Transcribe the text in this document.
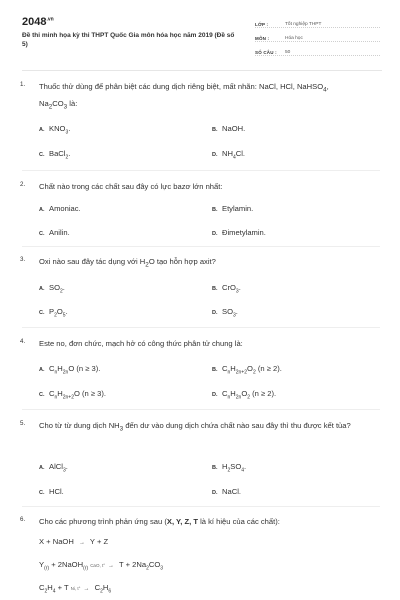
$2048^{.vn}$
Đề thi minh họa kỳ thi THPT Quốc Gia môn hóa học năm 2019 (Đề số 5)
LỚP :	Tốt nghiệp THPT
MÔN :	Hóa học
SỐ CÂU :	50
1. Thuốc thử dùng để phân biệt các dung dịch riêng biệt, mất nhãn: NaCl, HCl, NaHSO$_4$, $Na_2CO_3$ là:
A. $KNO_3$.	B. NaOH.
C. BaCl$_2$.	D. $NH_4Cl$.
2. Chất nào trong các chất sau đây có lực bazơ lớn nhất:
A. Amoniac.	B. Etylamin.
C. Anilin.	D. Đimetylamin.
3. Oxi nào sau đây tác dụng với $H_2O$ tạo hỗn hợp axit?
A. $SO_2$.	B. CrO$_3$.
C. $P_2O_5$.	D. $SO_3$.
4. Este no, đơn chức, mạch hở có công thức phân tử chung là:
A. $C_nH_{2n}O$ (n ≥ 3).	B. $C_nH_{2n+2}O_2$ (n ≥ 2).
C. $C_nH_{2n+2}O$ (n ≥ 3).	D. $C_nH_{2n}O_2$ (n ≥ 2).
5. Cho từ từ dung dịch $NH_3$ đến dư vào dung dịch chứa chất nào sau đây thì thu được kết tủa?
A. AlCl$_3$.	B. $H_2SO_4$.
C. HCl.	D. NaCl.
6. Cho các phương trình phản ứng sau (X, Y, Z, T là kí hiệu của các chất):
X + NaOH → Y + Z
$Y_{(r)}$ + 2NaOH$_{(r)}$ CaO, $t^\circ \to T + 2Na_2CO_3$
$C_2H_4 + T$ Ni, $t^\circ \to C_2H_6$
